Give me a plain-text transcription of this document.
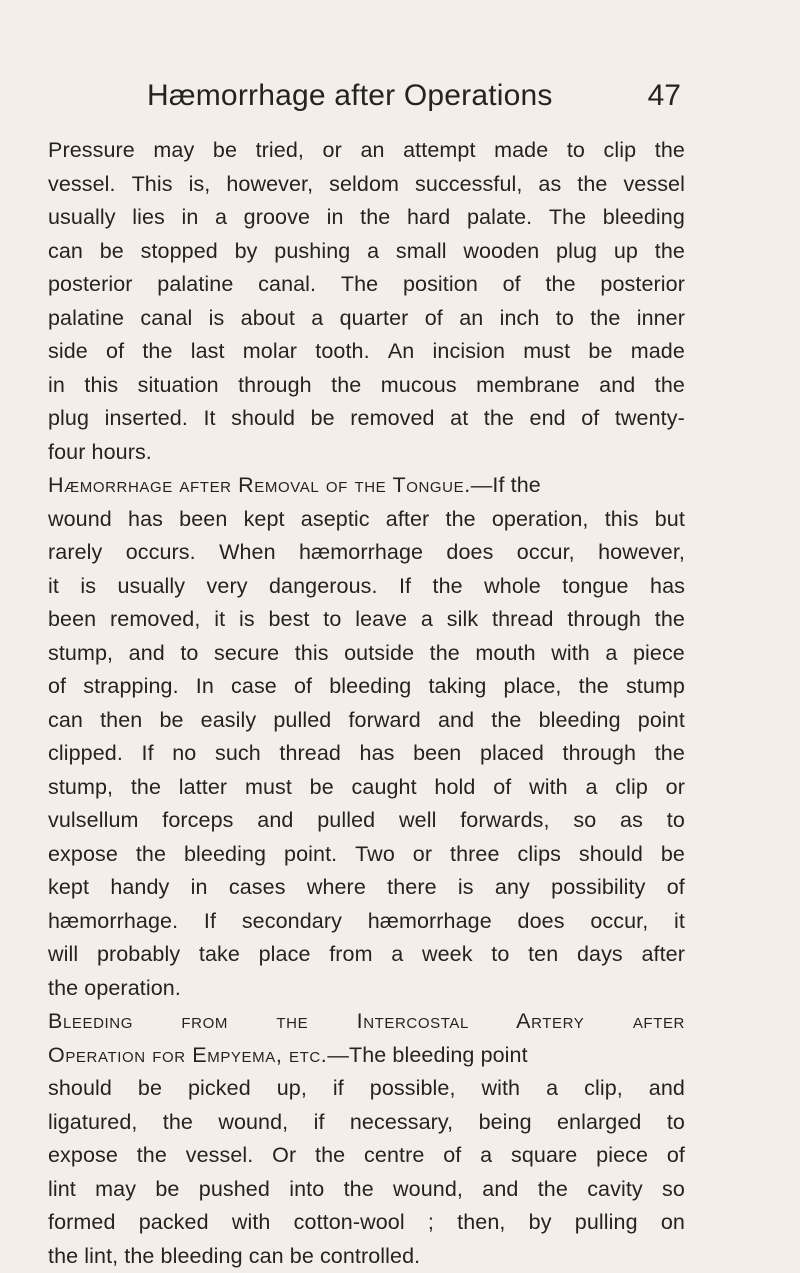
Hæmorrhage after Operations	47
Pressure may be tried, or an attempt made to clip the
vessel. This is, however, seldom successful, as the vessel
usually lies in a groove in the hard palate. The bleeding
can be stopped by pushing a small wooden plug up the
posterior palatine canal. The position of the posterior
palatine canal is about a quarter of an inch to the inner
side of the last molar tooth. An incision must be made
in this situation through the mucous membrane and the
plug inserted. It should be removed at the end of twenty-
four hours.
Hæmorrhage after Removal of the Tongue. —If the
wound has been kept aseptic after the operation, this but
rarely occurs. When hæmorrhage does occur, however,
it is usually very dangerous. If the whole tongue has
been removed, it is best to leave a silk thread through the
stump, and to secure this outside the mouth with a piece
of strapping. In case of bleeding taking place, the stump
can then be easily pulled forward and the bleeding point
clipped. If no such thread has been placed through the
stump, the latter must be caught hold of with a clip or
vulsellum forceps and pulled well forwards, so as to
expose the bleeding point. Two or three clips should be
kept handy in cases where there is any possibility of
hæmorrhage. If secondary hæmorrhage does occur, it
will probably take place from a week to ten days after
the operation.
Bleeding from the Intercostal Artery after
Operation for Empyema, etc. —The bleeding point
should be picked up, if possible, with a clip, and
ligatured, the wound, if necessary, being enlarged to
expose the vessel. Or the centre of a square piece of
lint may be pushed into the wound, and the cavity so
formed packed with cotton-wool ; then, by pulling on
the lint, the bleeding can be controlled.
